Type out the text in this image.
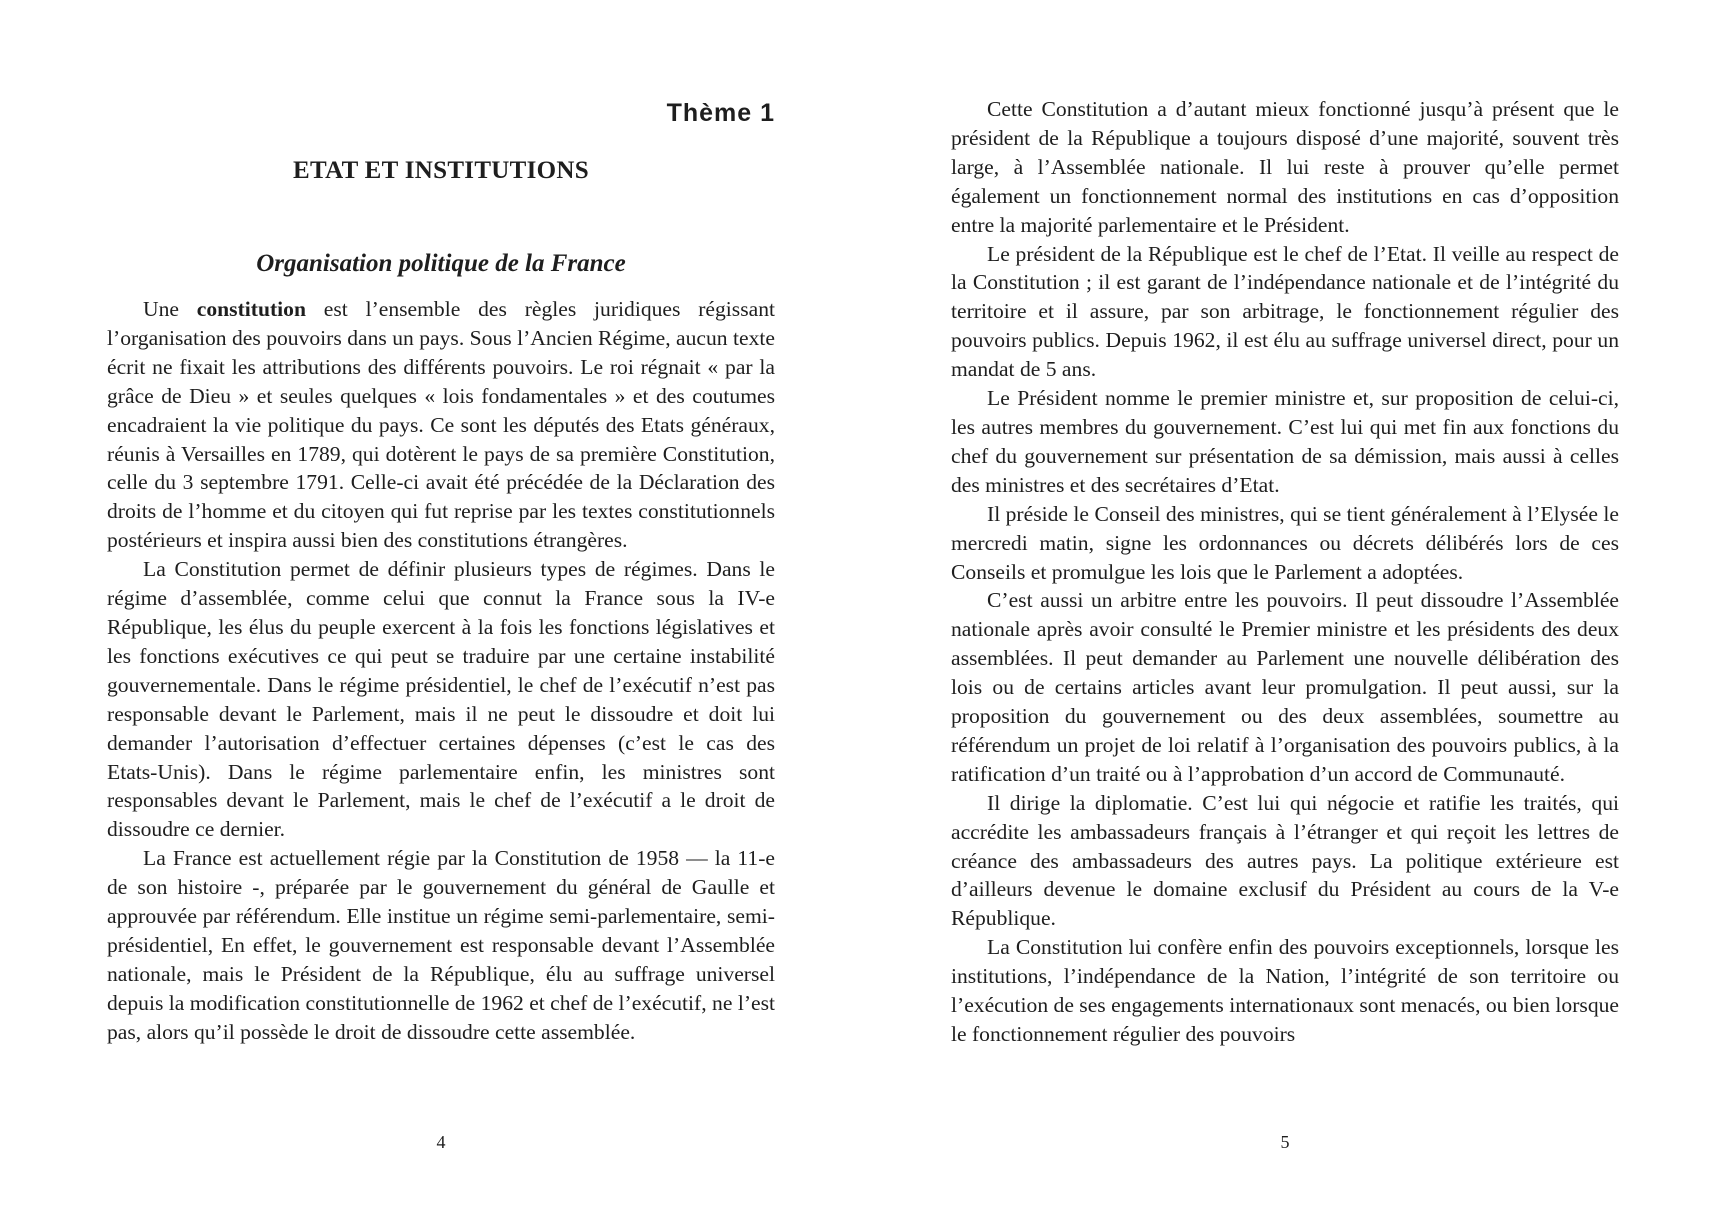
Thème 1
ETAT ET INSTITUTIONS
Organisation politique de la France

Une constitution est l’ensemble des règles juridiques régissant l’organisation des pouvoirs dans un pays. Sous l’Ancien Régime, aucun texte écrit ne fixait les attributions des différents pouvoirs. Le roi régnait « par la grâce de Dieu » et seules quelques « lois fondamentales » et des coutumes encadraient la vie politique du pays. Ce sont les députés des Etats généraux, réunis à Versailles en 1789, qui dotèrent le pays de sa première Constitution, celle du 3 septembre 1791. Celle-ci avait été précédée de la Déclaration des droits de l’homme et du citoyen qui fut reprise par les textes constitutionnels postérieurs et inspira aussi bien des constitutions étrangères.

La Constitution permet de définir plusieurs types de régimes. Dans le régime d’assemblée, comme celui que connut la France sous la IV-e République, les élus du peuple exercent à la fois les fonctions législatives et les fonctions exécutives ce qui peut se traduire par une certaine instabilité gouvernementale. Dans le régime présidentiel, le chef de l’exécutif n’est pas responsable devant le Parlement, mais il ne peut le dissoudre et doit lui demander l’autorisation d’effectuer certaines dépenses (c’est le cas des Etats-Unis). Dans le régime parlementaire enfin, les ministres sont responsables devant le Parlement, mais le chef de l’exécutif a le droit de dissoudre ce dernier.

La France est actuellement régie par la Constitution de 1958 — la 11-e de son histoire -, préparée par le gouvernement du général de Gaulle et approuvée par référendum. Elle institue un régime semi-parlementaire, semi-présidentiel, En effet, le gouvernement est responsable devant l’Assemblée nationale, mais le Président de la République, élu au suffrage universel depuis la modification constitutionnelle de 1962 et chef de l’exécutif, ne l’est pas, alors qu’il possède le droit de dissoudre cette assemblée.

4

Cette Constitution a d’autant mieux fonctionné jusqu’à présent que le président de la République a toujours disposé d’une majorité, souvent très large, à l’Assemblée nationale. Il lui reste à prouver qu’elle permet également un fonctionnement normal des institutions en cas d’opposition entre la majorité parlementaire et le Président.

Le président de la République est le chef de l’Etat. Il veille au respect de la Constitution ; il est garant de l’indépendance nationale et de l’intégrité du territoire et il assure, par son arbitrage, le fonctionnement régulier des pouvoirs publics. Depuis 1962, il est élu au suffrage universel direct, pour un mandat de 5 ans.

Le Président nomme le premier ministre et, sur proposition de celui-ci, les autres membres du gouvernement. C’est lui qui met fin aux fonctions du chef du gouvernement sur présentation de sa démission, mais aussi à celles des ministres et des secrétaires d’Etat.

Il préside le Conseil des ministres, qui se tient généralement à l’Elysée le mercredi matin, signe les ordonnances ou décrets délibérés lors de ces Conseils et promulgue les lois que le Parlement a adoptées.

C’est aussi un arbitre entre les pouvoirs. Il peut dissoudre l’Assemblée nationale après avoir consulté le Premier ministre et les présidents des deux assemblées. Il peut demander au Parlement une nouvelle délibération des lois ou de certains articles avant leur promulgation. Il peut aussi, sur la proposition du gouvernement ou des deux assemblées, soumettre au référendum un projet de loi relatif à l’organisation des pouvoirs publics, à la ratification d’un traité ou à l’approbation d’un accord de Communauté.

Il dirige la diplomatie. C’est lui qui négocie et ratifie les traités, qui accrédite les ambassadeurs français à l’étranger et qui reçoit les lettres de créance des ambassadeurs des autres pays. La politique extérieure est d’ailleurs devenue le domaine exclusif du Président au cours de la V-e République.

La Constitution lui confère enfin des pouvoirs exceptionnels, lorsque les institutions, l’indépendance de la Nation, l’intégrité de son territoire ou l’exécution de ses engagements internationaux sont menacés, ou bien lorsque le fonctionnement régulier des pouvoirs

5
